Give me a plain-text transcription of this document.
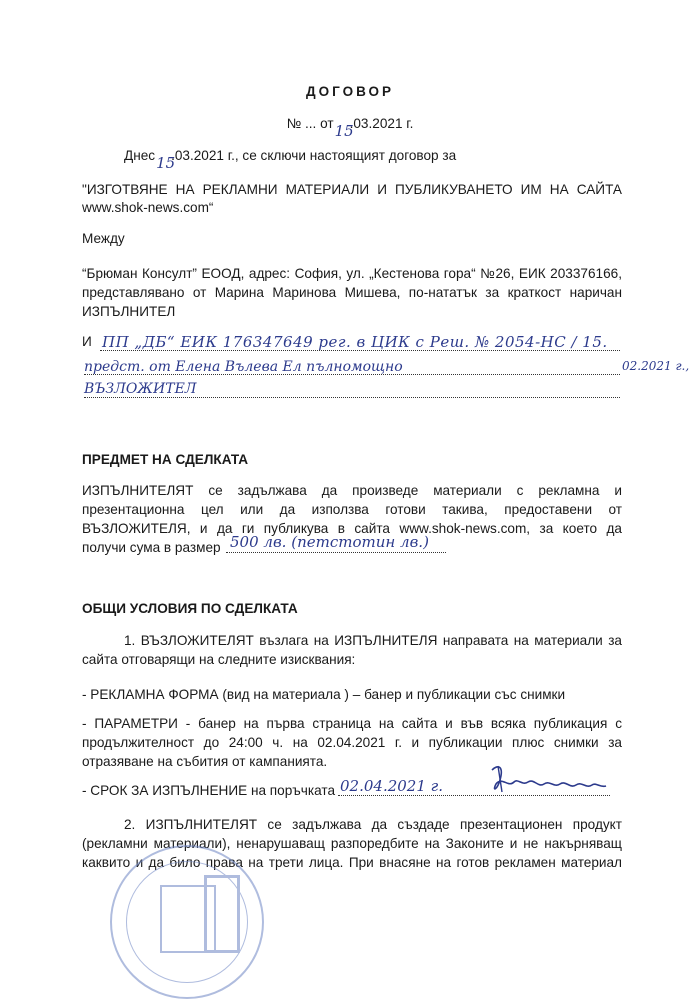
ДОГОВОР
№ ... от 15
.03.2021 г.
Днес 15
.03.2021 г., се сключи настоящият договор за
"ИЗГОТВЯНЕ НА РЕКЛАМНИ МАТЕРИАЛИ И ПУБЛИКУВАНЕТО ИМ НА САЙТА
www.shok-news.com“
Между
“Брюман Консулт” ЕООД, адрес: София, ул. „Кестенова гора“ №26, ЕИК 203376166,
представлявано от Марина Маринова Мишева, по-нататък за краткост наричан
ИЗПЪЛНИТЕЛ
И ПП „ДБ“ ЕИК 176347649 рег. в ЦИК с Реш. № 2054-НС / 15.
02.2021 г.,
предст. от Елена Вълева Ел пълномощно
ВЪЗЛОЖИТЕЛ
ПРЕДМЕТ НА СДЕЛКАТА
ИЗПЪЛНИТЕЛЯТ се задължава да произведе материали с рекламна и
презентационна цел или да използва готови такива, предоставени от
ВЪЗЛОЖИТЕЛЯ, и да ги публикува в сайта www.shok-news.com, за което да
получи сума в размер 500 лв. (петстотин лв.)
ОБЩИ УСЛОВИЯ ПО СДЕЛКАТА
1. ВЪЗЛОЖИТЕЛЯТ възлага на ИЗПЪЛНИТЕЛЯ направата на материали за
сайта отговарящи на следните изисквания:
- РЕКЛАМНА ФОРМА (вид на материала ) – банер и публикации със снимки
- ПАРАМЕТРИ - банер на първа страница на сайта и във всяка публикация с
продължителност до 24:00 ч. на 02.04.2021 г. и публикации плюс снимки за
отразяване на събития от кампанията.
- СРОК ЗА ИЗПЪЛНЕНИЕ на поръчката 02.04.2021 г.
2. ИЗПЪЛНИТЕЛЯТ се задължава да създаде презентационен продукт
(рекламни материали), ненарушаващ разпоредбите на Законите и не накърняващ
каквито и да било права на трети лица. При внасяне на готов рекламен материал
